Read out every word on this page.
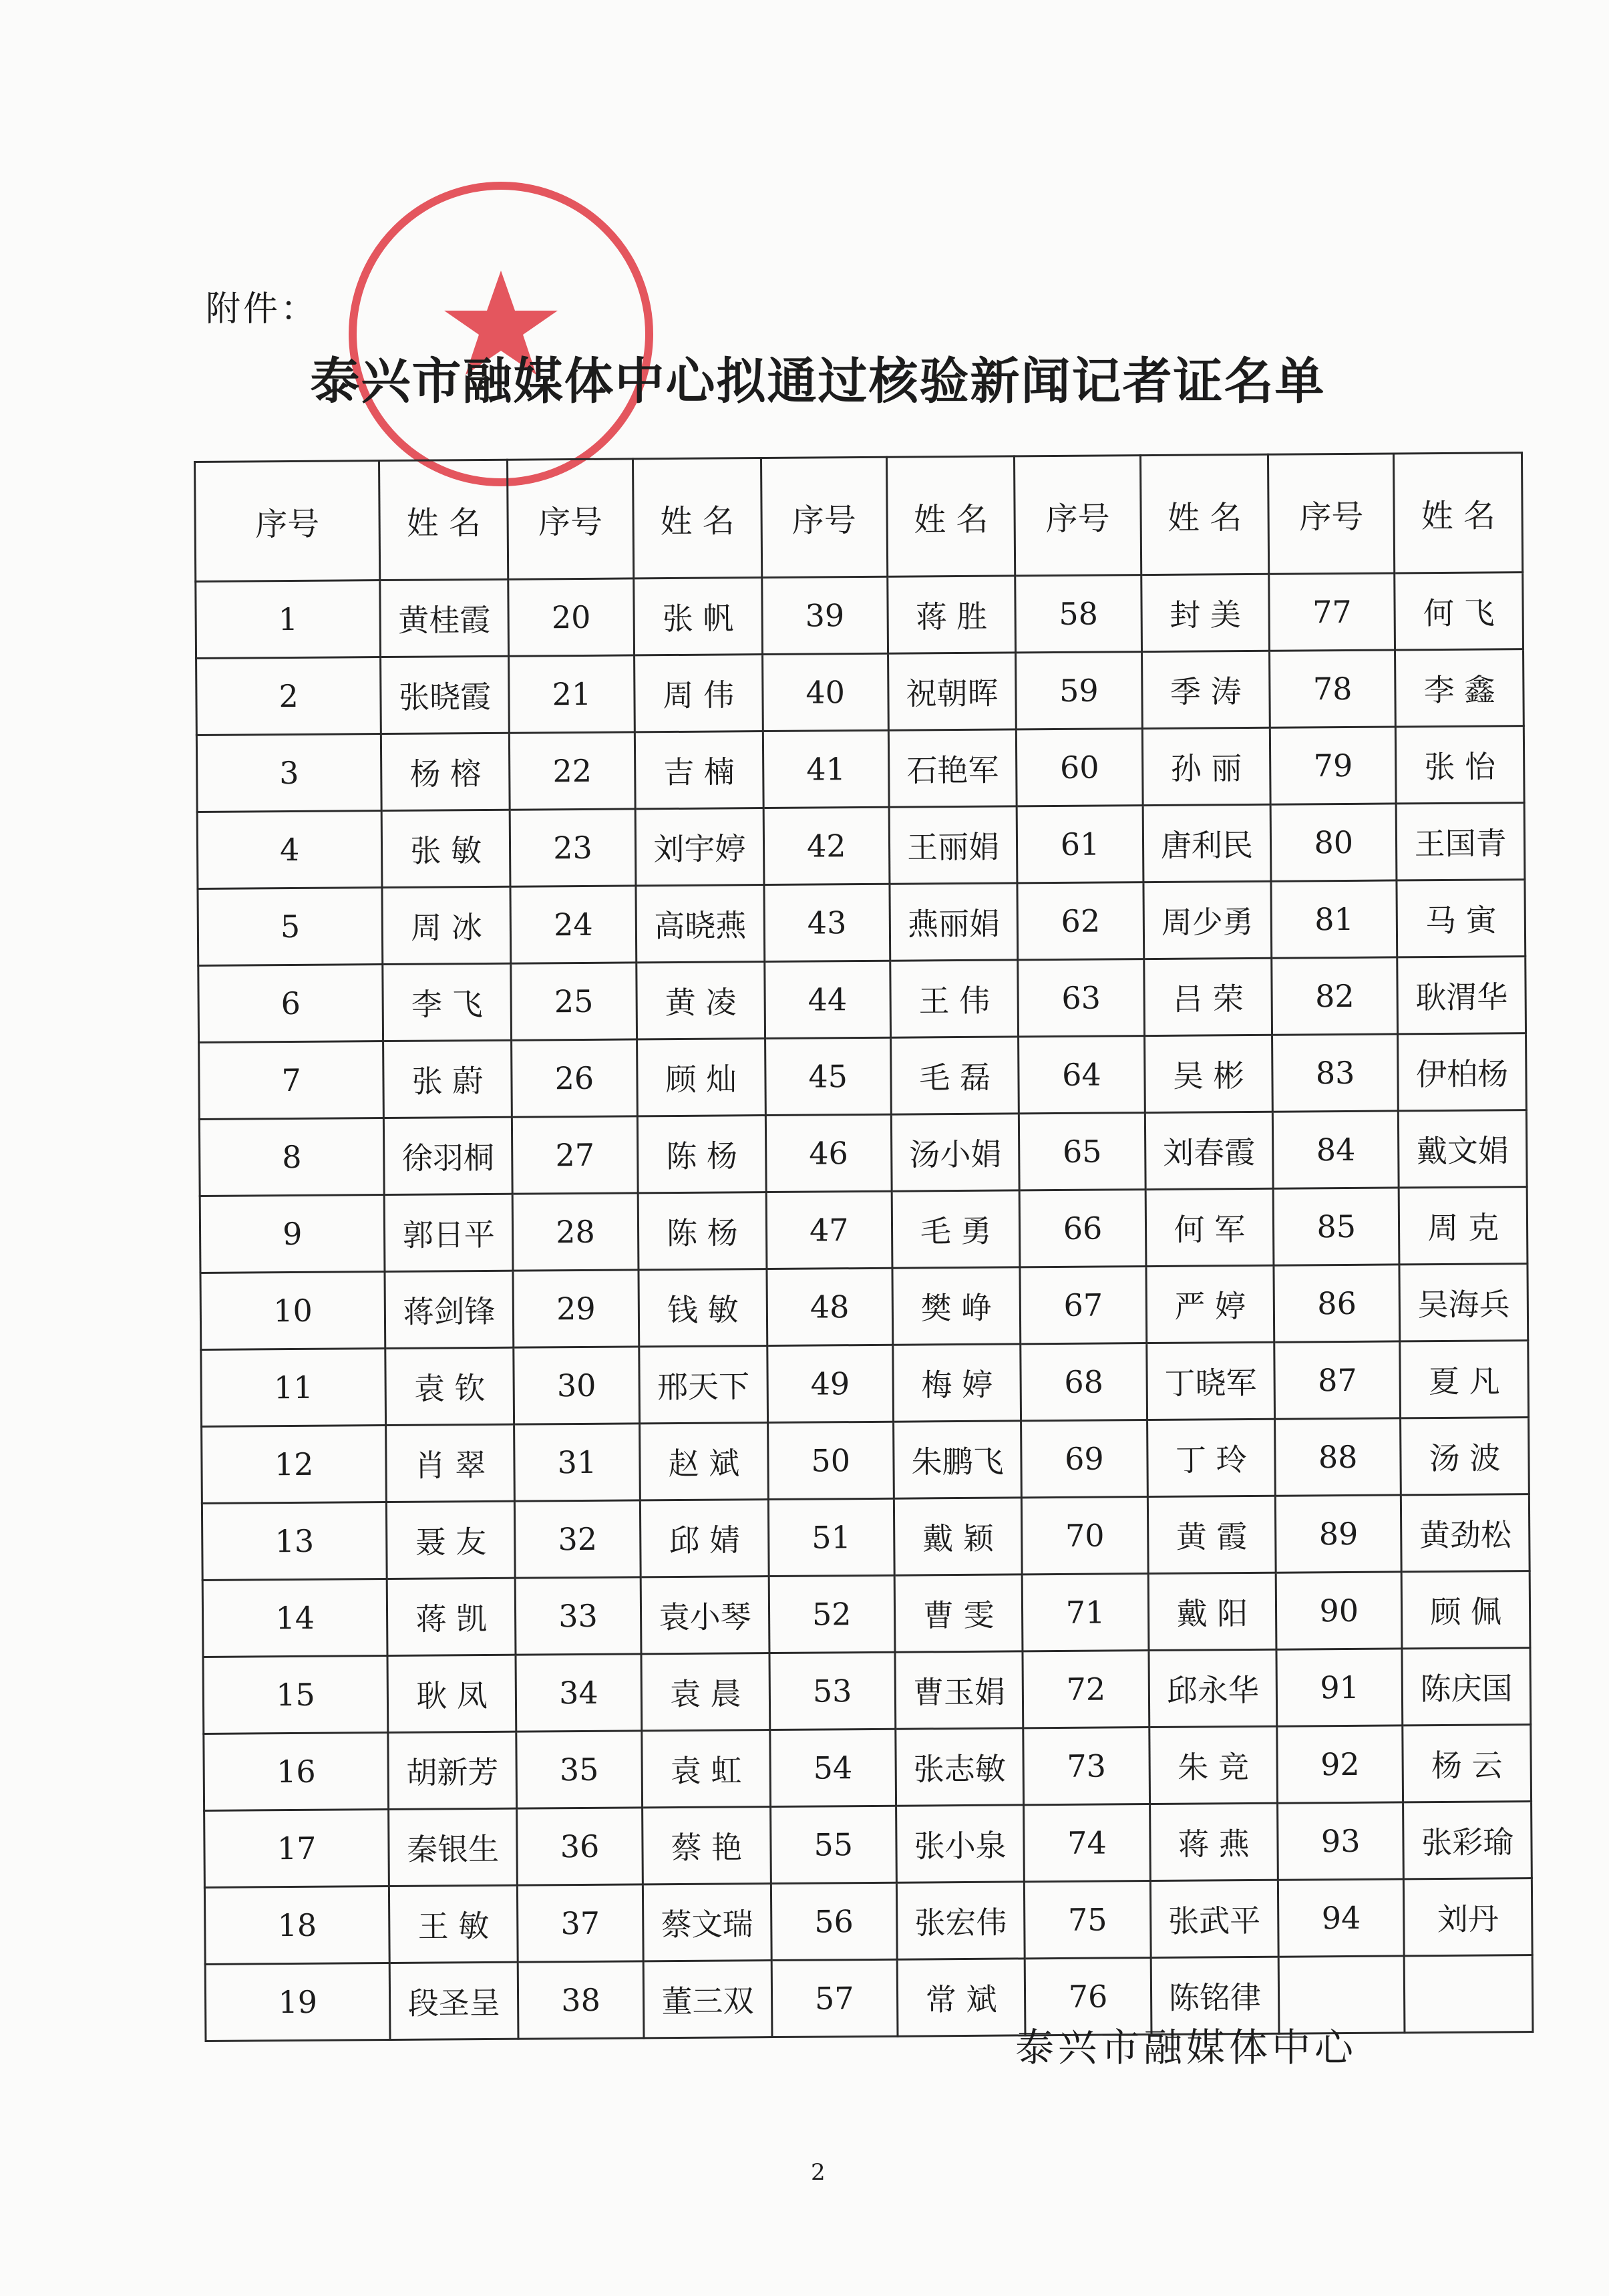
附件：
泰兴市融媒体中心拟通过核验新闻记者证名单
序号	姓 名	序号	姓 名	序号	姓 名	序号	姓 名	序号	姓 名
1	黄桂霞	20	张 帆	39	蒋 胜	58	封 美	77	何 飞
2	张晓霞	21	周 伟	40	祝朝晖	59	季 涛	78	李 鑫
3	杨 榕	22	吉 楠	41	石艳军	60	孙 丽	79	张 怡
4	张 敏	23	刘宇婷	42	王丽娟	61	唐利民	80	王国青
5	周 冰	24	高晓燕	43	燕丽娟	62	周少勇	81	马 寅
6	李 飞	25	黄 凌	44	王 伟	63	吕 荣	82	耿渭华
7	张 蔚	26	顾 灿	45	毛 磊	64	吴 彬	83	伊柏杨
8	徐羽桐	27	陈 杨	46	汤小娟	65	刘春霞	84	戴文娟
9	郭日平	28	陈 杨	47	毛 勇	66	何 军	85	周 克
10	蒋剑锋	29	钱 敏	48	樊 峥	67	严 婷	86	吴海兵
11	袁 钦	30	邢天下	49	梅 婷	68	丁晓军	87	夏 凡
12	肖 翠	31	赵 斌	50	朱鹏飞	69	丁 玲	88	汤 波
13	聂 友	32	邱 婧	51	戴 颖	70	黄 霞	89	黄劲松
14	蒋 凯	33	袁小琴	52	曹 雯	71	戴 阳	90	顾 佩
15	耿 凤	34	袁 晨	53	曹玉娟	72	邱永华	91	陈庆国
16	胡新芳	35	袁 虹	54	张志敏	73	朱 竞	92	杨 云
17	秦银生	36	蔡 艳	55	张小泉	74	蒋 燕	93	张彩瑜
18	王 敏	37	蔡文瑞	56	张宏伟	75	张武平	94	刘丹
19	段圣呈	38	董三双	57	常 斌	76	陈铭律		
泰兴市融媒体中心
2
